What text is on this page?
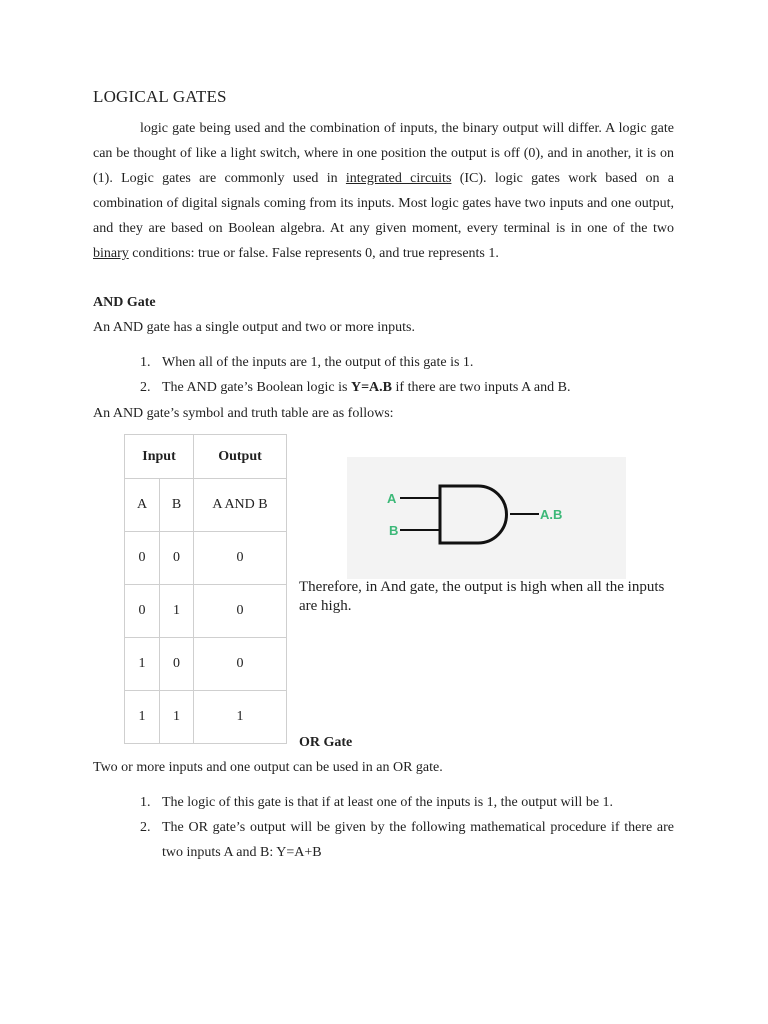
LOGICAL GATES
logic gate being used and the combination of inputs, the binary output will differ. A logic gate can be thought of like a light switch, where in one position the output is off (0), and in another, it is on (1). Logic gates are commonly used in integrated circuits (IC). logic gates work based on a combination of digital signals coming from its inputs. Most logic gates have two inputs and one output, and they are based on Boolean algebra. At any given moment, every terminal is in one of the two binary conditions: true or false. False represents 0, and true represents 1.
AND Gate
An AND gate has a single output and two or more inputs.
1. When all of the inputs are 1, the output of this gate is 1.
2. The AND gate’s Boolean logic is Y=A.B if there are two inputs A and B.
An AND gate’s symbol and truth table are as follows:
Input		Output
A	B	A AND B
0	0	0
0	1	0
1	0	0
1	1	1
A
B
A.B
Therefore, in And gate, the output is high when all the inputs are high.
OR Gate
Two or more inputs and one output can be used in an OR gate.
1. The logic of this gate is that if at least one of the inputs is 1, the output will be 1.
2. The OR gate’s output will be given by the following mathematical procedure if there are two inputs A and B: Y=A+B
